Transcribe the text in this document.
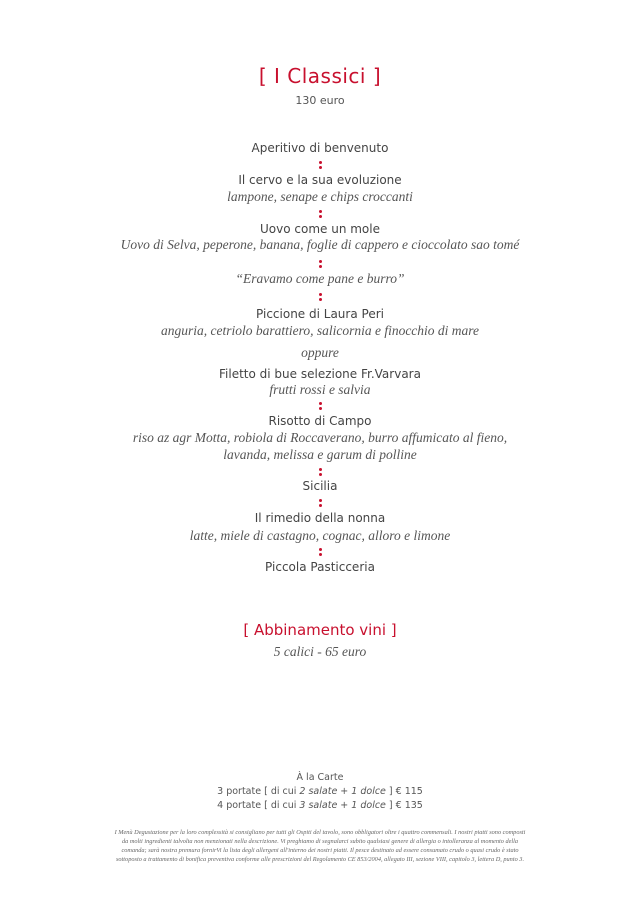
[ I Classici ]
130 euro
Aperitivo di benvenuto
Il cervo e la sua evoluzione
lampone, senape e chips croccanti
Uovo come un mole
Uovo di Selva, peperone, banana, foglie di cappero e cioccolato sao tomé
“Eravamo come pane e burro”
Piccione di Laura Peri
anguria, cetriolo barattiero, salicornia e finocchio di mare
oppure
Filetto di bue selezione Fr.Varvara
frutti rossi e salvia
Risotto di Campo
riso az agr Motta, robiola di Roccaverano, burro affumicato al fieno,
lavanda, melissa e garum di polline
Sicilia
Il rimedio della nonna
latte, miele di castagno, cognac, alloro e limone
Piccola Pasticceria
[ Abbinamento vini ]
5 calici - 65 euro
À la Carte
3 portate [ di cui 2 salate + 1 dolce ] € 115
4 portate [ di cui 3 salate + 1 dolce ] € 135
I Menù Degustazione per la loro complessità si consigliano per tutti gli Ospiti del tavolo, sono obbligatori oltre i quattro commensali. I nostri piatti sono composti
da molti ingredienti talvolta non menzionati nella descrizione. Vi preghiamo di segnalarci subito qualsiasi genere di allergia o intolleranza al momento della
comanda; sarà nostra premura fornirVi la lista degli allergeni all'interno dei nostri piatti. Il pesce destinato ad essere consumato crudo o quasi crudo è stato
sottoposto a trattamento di bonifica preventiva conforme alle prescrizioni del Regolamento CE 853/2004, allegato III, sezione VIII, capitolo 3, lettera D, punto 3.
